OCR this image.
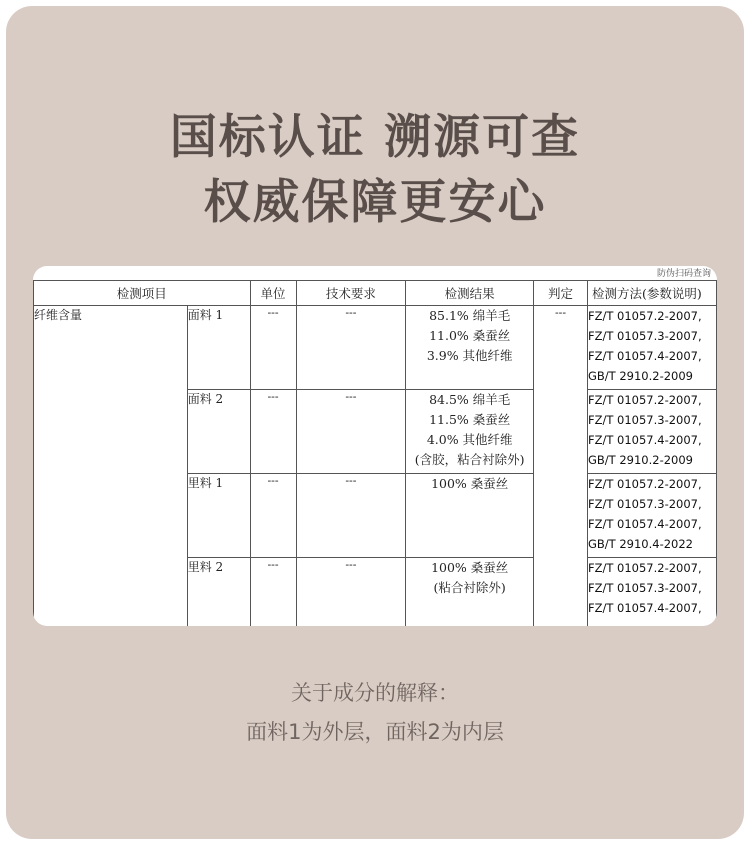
国标认证 溯源可查
权威保障更安心
防伪扫码查询
检测项目		单位	技术要求	检测结果	判定	检测方法(参数说明)
纤维含量	面料 1	---	---	85.1% 绵羊毛
11.0% 桑蚕丝
3.9% 其他纤维	---	FZ/T 01057.2-2007,
FZ/T 01057.3-2007,
FZ/T 01057.4-2007,
GB/T 2910.2-2009

	面料 2	---	---	84.5% 绵羊毛
11.5% 桑蚕丝
4.0% 其他纤维
(含胶，粘合衬除外)		FZ/T 01057.2-2007,
FZ/T 01057.3-2007,
FZ/T 01057.4-2007,
GB/T 2910.2-2009

	里料 1	---	---	100% 桑蚕丝		FZ/T 01057.2-2007,
FZ/T 01057.3-2007,
FZ/T 01057.4-2007,
GB/T 2910.4-2022

	里料 2	---	---	100% 桑蚕丝
(粘合衬除外)		FZ/T 01057.2-2007,
FZ/T 01057.3-2007,
FZ/T 01057.4-2007,
关于成分的解释：
面料1为外层，面料2为内层
